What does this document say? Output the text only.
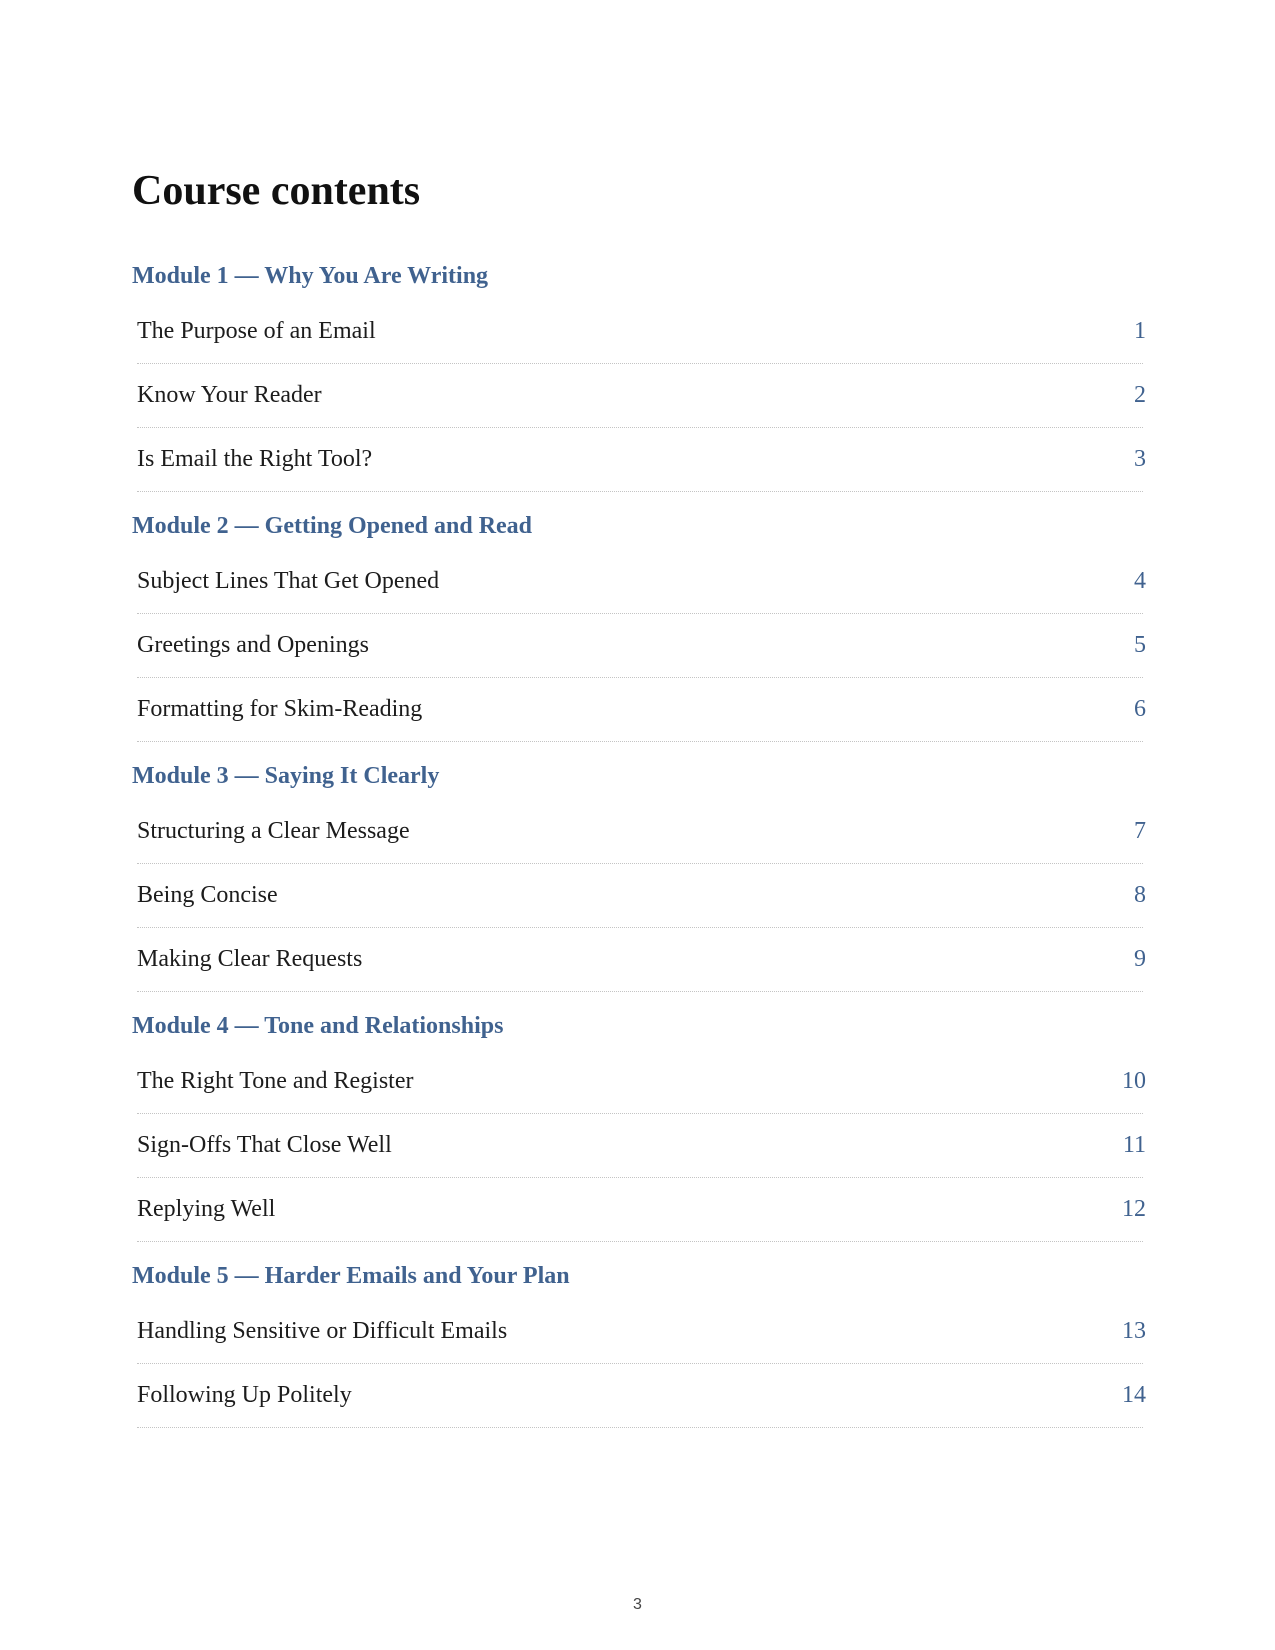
Course contents
Module 1 — Why You Are Writing
The Purpose of an Email	1
Know Your Reader	2
Is Email the Right Tool?	3
Module 2 — Getting Opened and Read
Subject Lines That Get Opened	4
Greetings and Openings	5
Formatting for Skim-Reading	6
Module 3 — Saying It Clearly
Structuring a Clear Message	7
Being Concise	8
Making Clear Requests	9
Module 4 — Tone and Relationships
The Right Tone and Register	10
Sign-Offs That Close Well	11
Replying Well	12
Module 5 — Harder Emails and Your Plan
Handling Sensitive or Difficult Emails	13
Following Up Politely	14
3
